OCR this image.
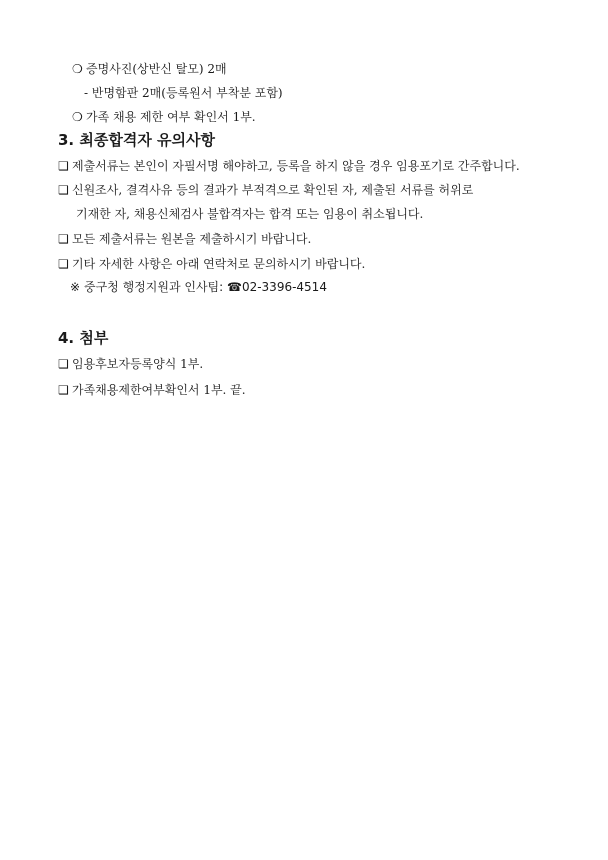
❍ 증명사진(상반신 탈모) 2매
- 반명함판 2매(등록원서 부착분 포함)
❍ 가족 채용 제한 여부 확인서 1부.
3. 최종합격자 유의사항
❑ 제출서류는 본인이 자필서명 해야하고, 등록을 하지 않을 경우 임용포기로 간주합니다.
❑ 신원조사, 결격사유 등의 결과가 부적격으로 확인된 자, 제출된 서류를 허위로
기재한 자, 채용신체검사 불합격자는 합격 또는 임용이 취소됩니다.
❑ 모든 제출서류는 원본을 제출하시기 바랍니다.
❑ 기타 자세한 사항은 아래 연락처로 문의하시기 바랍니다.
※ 중구청 행정지원과 인사팀: ☎02-3396-4514
4. 첨부
❑ 임용후보자등록양식 1부.
❑ 가족채용제한여부확인서 1부. 끝.
